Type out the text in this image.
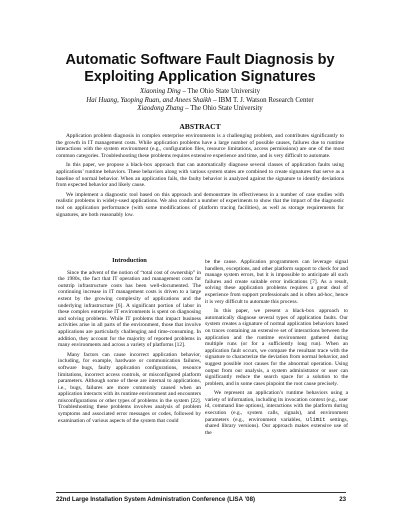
Automatic Software Fault Diagnosis by
Exploiting Application Signatures
Xiaoning Ding – The Ohio State University
Hai Huang, Yaoping Ruan, and Anees Shaikh – IBM T. J. Watson Research Center
Xiaodong Zhang – The Ohio State University
ABSTRACT

Application problem diagnosis in complex enterprise environments is a challenging problem, and contributes significantly to the growth in IT management costs. While application problems have a large number of possible causes, failures due to runtime interactions with the system environment (e.g., configuration files, resource limitations, access permissions) are one of the most common categories. Troubleshooting these problems requires extensive experience and time, and is very difficult to automate.

In this paper, we propose a black-box approach that can automatically diagnose several classes of application faults using applications’ runtime behaviors. These behaviors along with various system states are combined to create signatures that serve as a baseline of normal behavior. When an application fails, the faulty behavior is analyzed against the signature to identify deviations from expected behavior and likely cause.

We implement a diagnostic tool based on this approach and demonstrate its effectiveness in a number of case studies with realistic problems in widely-used applications. We also conduct a number of experiments to show that the impact of the diagnostic tool on application performance (with some modifications of platform tracing facilities), as well as storage requirements for signatures, are both reasonably low.

Introduction

Since the advent of the notion of “total cost of ownership” in the 1980s, the fact that IT operation and management costs far outstrip infrastructure costs has been well-documented. The continuing increase in IT management costs is driven to a large extent by the growing complexity of applications and the underlying infrastructure [6]. A significant portion of labor in these complex enterprise IT environments is spent on diagnosing and solving problems. While IT problems that impact business activities arise in all parts of the environment, those that involve applications are particularly challenging and time-consuming. In addition, they account for the majority of reported problems in many environments and across a variety of platforms [12].

Many factors can cause incorrect application behavior, including, for example, hardware or communication failures, software bugs, faulty application configurations, resource limitations, incorrect access controls, or misconfigured platform parameters. Although some of these are internal to applications, i.e., bugs, failures are more commonly caused when an application interacts with its runtime environment and encounters misconfigurations or other types of problems in the system [22]. Troubleshooting these problems involves analysis of problem symptoms and associated error messages or codes, followed by examination of various aspects of the system that could

be the cause. Application programmers can leverage signal handlers, exceptions, and other platform support to check for and manage system errors, but it is impossible to anticipate all such failures and create suitable error indications [7]. As a result, solving these application problems requires a great deal of experience from support professionals and is often ad-hoc, hence it is very difficult to automate this process.

In this paper, we present a black-box approach to automatically diagnose several types of application faults. Our system creates a signature of normal application behaviors based on traces containing an extensive set of interactions between the application and the runtime environment gathered during multiple runs (or for a sufficiently long run). When an application fault occurs, we compare the resultant trace with the signature to characterize the deviation from normal behavior, and suggest possible root causes for the abnormal operation. Using output from our analysis, a system administrator or user can significantly reduce the search space for a solution to the problem, and in some cases pinpoint the root cause precisely.

We represent an application’s runtime behaviors using a variety of information, including its invocation context (e.g., user id, command line options), interactions with the platform during execution (e.g., system calls, signals), and environment parameters (e.g., environment variables, ulimit settings, shared library versions). Our approach makes extensive use of the

22nd Large Installation System Administration Conference (LISA ’08)	23
